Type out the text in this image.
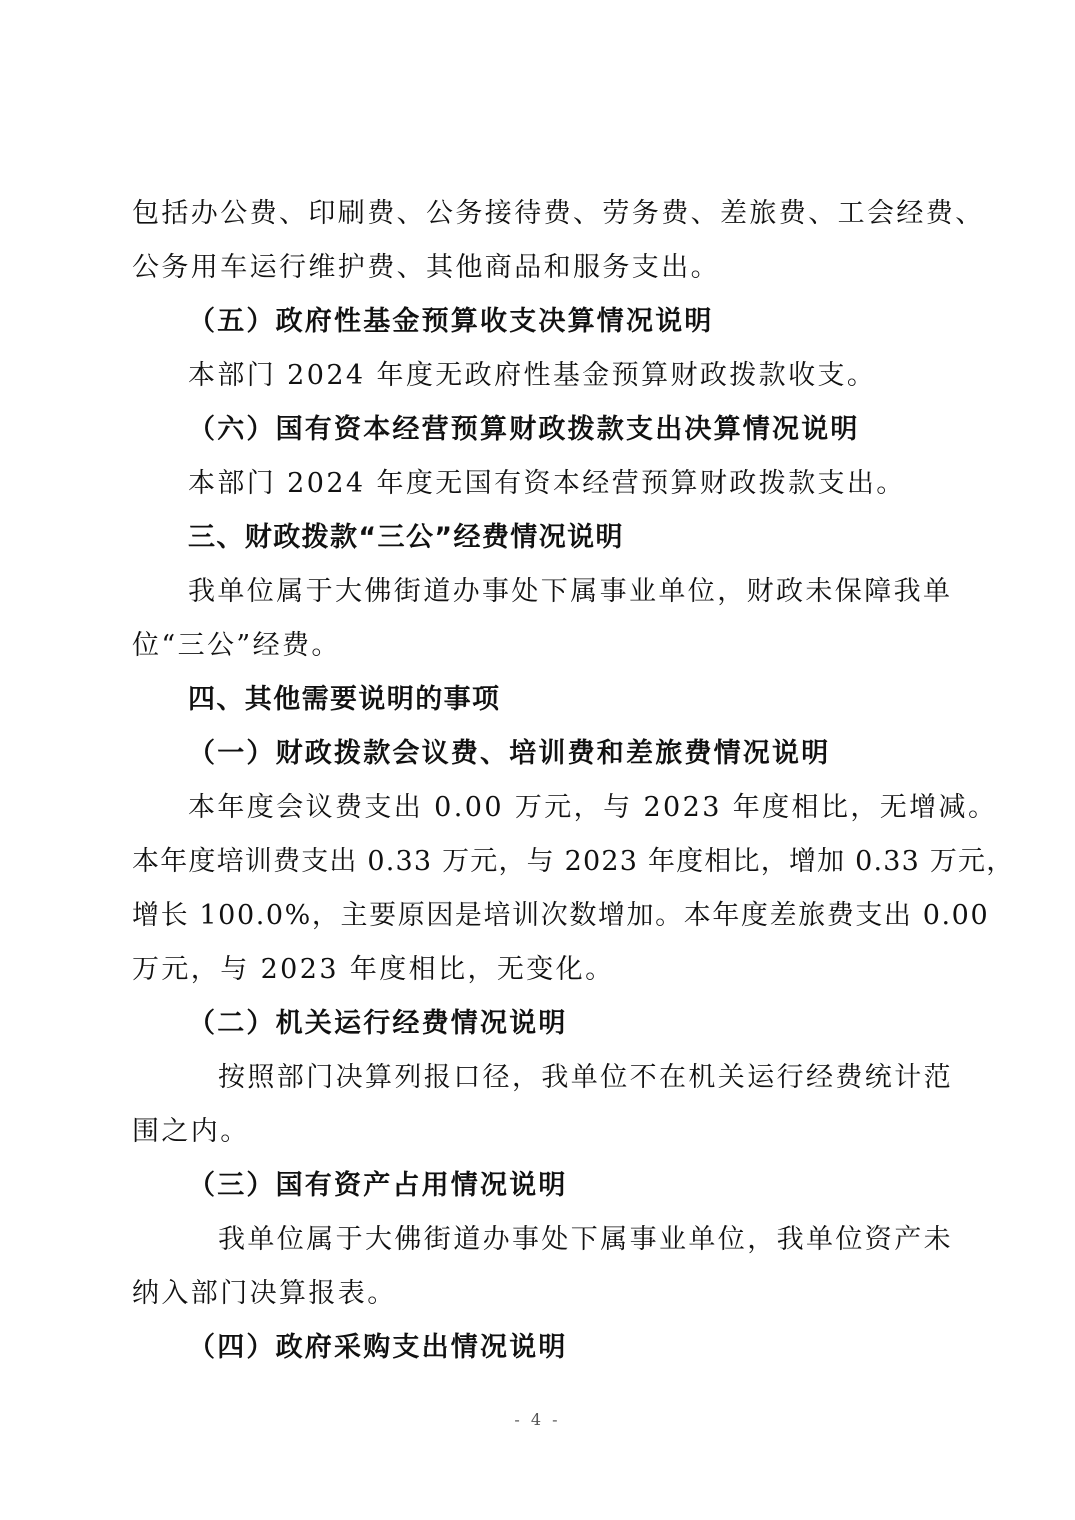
包括办公费、印刷费、公务接待费、劳务费、差旅费、工会经费、
公务用车运行维护费、其他商品和服务支出。
（五）政府性基金预算收支决算情况说明
本部门 2024 年度无政府性基金预算财政拨款收支。
（六）国有资本经营预算财政拨款支出决算情况说明
本部门 2024 年度无国有资本经营预算财政拨款支出。
三、财政拨款“三公”经费情况说明
我单位属于大佛街道办事处下属事业单位，财政未保障我单
位“三公”经费。
四、其他需要说明的事项
（一）财政拨款会议费、培训费和差旅费情况说明
本年度会议费支出 0.00 万元，与 2023 年度相比，无增减。
本年度培训费支出 0.33 万元，与 2023 年度相比，增加 0.33 万元，
增长 100.0%，主要原因是培训次数增加。本年度差旅费支出 0.00
万元，与 2023 年度相比，无变化。
（二）机关运行经费情况说明
按照部门决算列报口径，我单位不在机关运行经费统计范
围之内。
（三）国有资产占用情况说明
我单位属于大佛街道办事处下属事业单位，我单位资产未
纳入部门决算报表。
（四）政府采购支出情况说明
- 4 -
